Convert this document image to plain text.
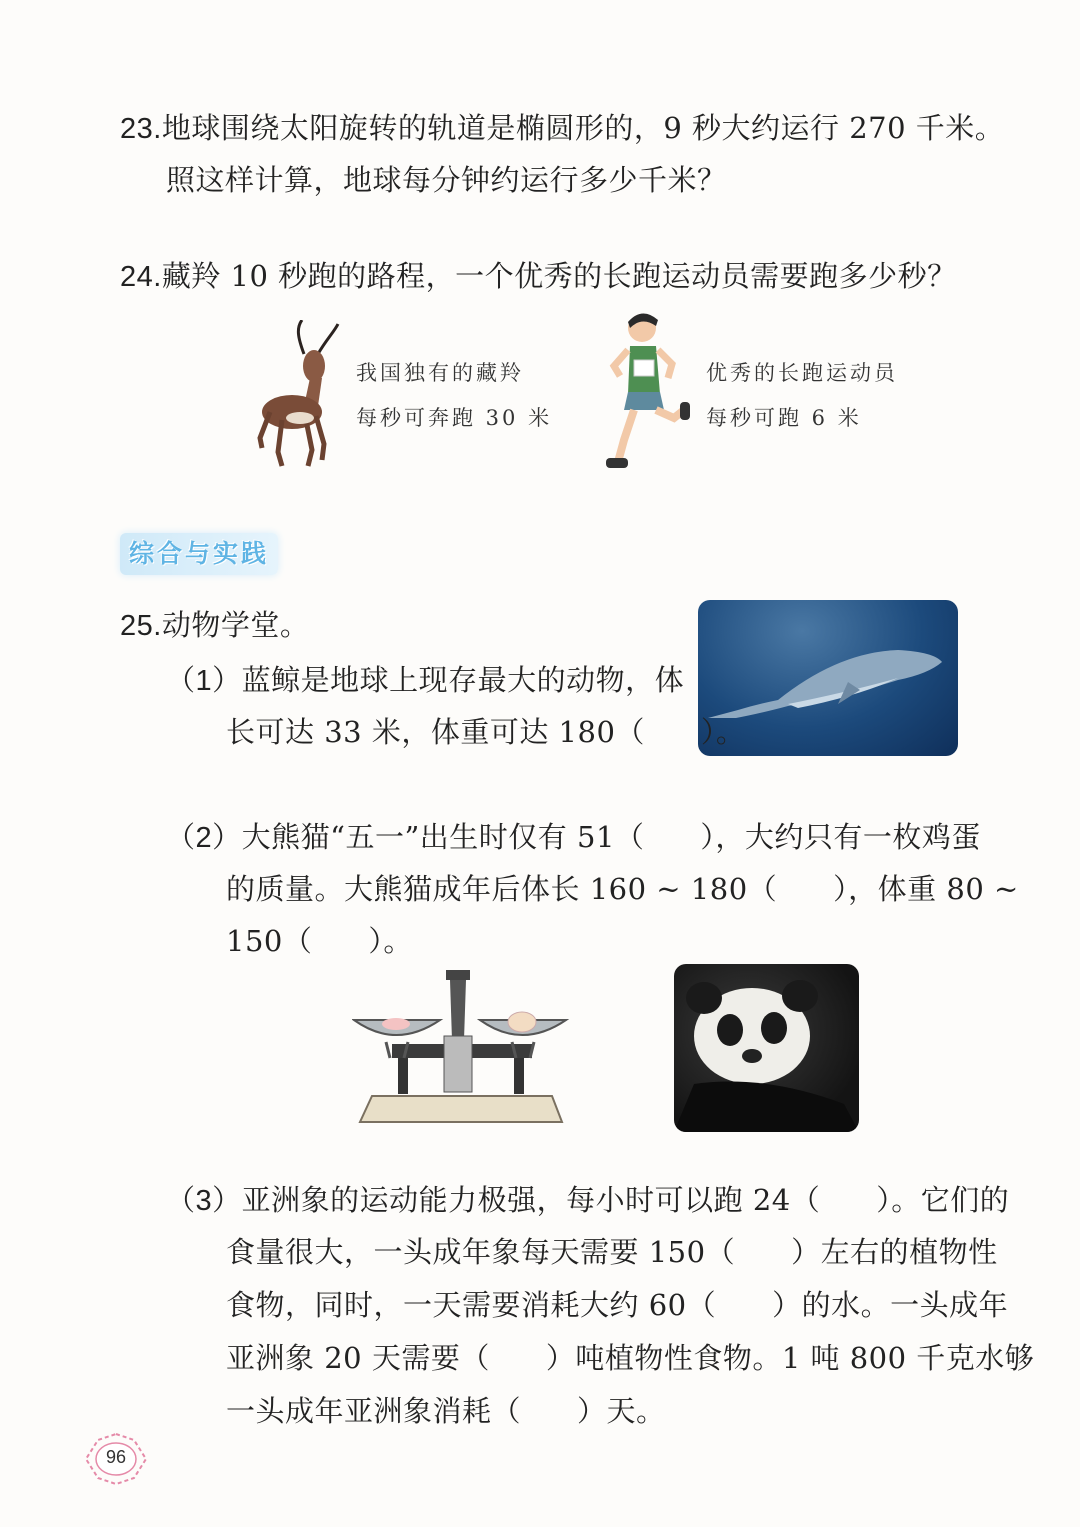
23.地球围绕太阳旋转的轨道是椭圆形的，9 秒大约运行 270 千米。
照这样计算，地球每分钟约运行多少千米？
24.藏羚 10 秒跑的路程，一个优秀的长跑运动员需要跑多少秒？
我国独有的藏羚
每秒可奔跑 30 米
优秀的长跑运动员
每秒可跑 6 米
综合与实践
25.动物学堂。
（1）蓝鲸是地球上现存最大的动物，体
长可达 33 米，体重可达 180（ ）。
（2）大熊猫“五一”出生时仅有 51（ ），大约只有一枚鸡蛋
的质量。大熊猫成年后体长 160 ~ 180（ ），体重 80 ~
150（ ）。
（3）亚洲象的运动能力极强，每小时可以跑 24（ ）。它们的
食量很大，一头成年象每天需要 150（ ）左右的植物性
食物，同时，一天需要消耗大约 60（ ）的水。一头成年
亚洲象 20 天需要（ ）吨植物性食物。1 吨 800 千克水够
一头成年亚洲象消耗（ ）天。
96
